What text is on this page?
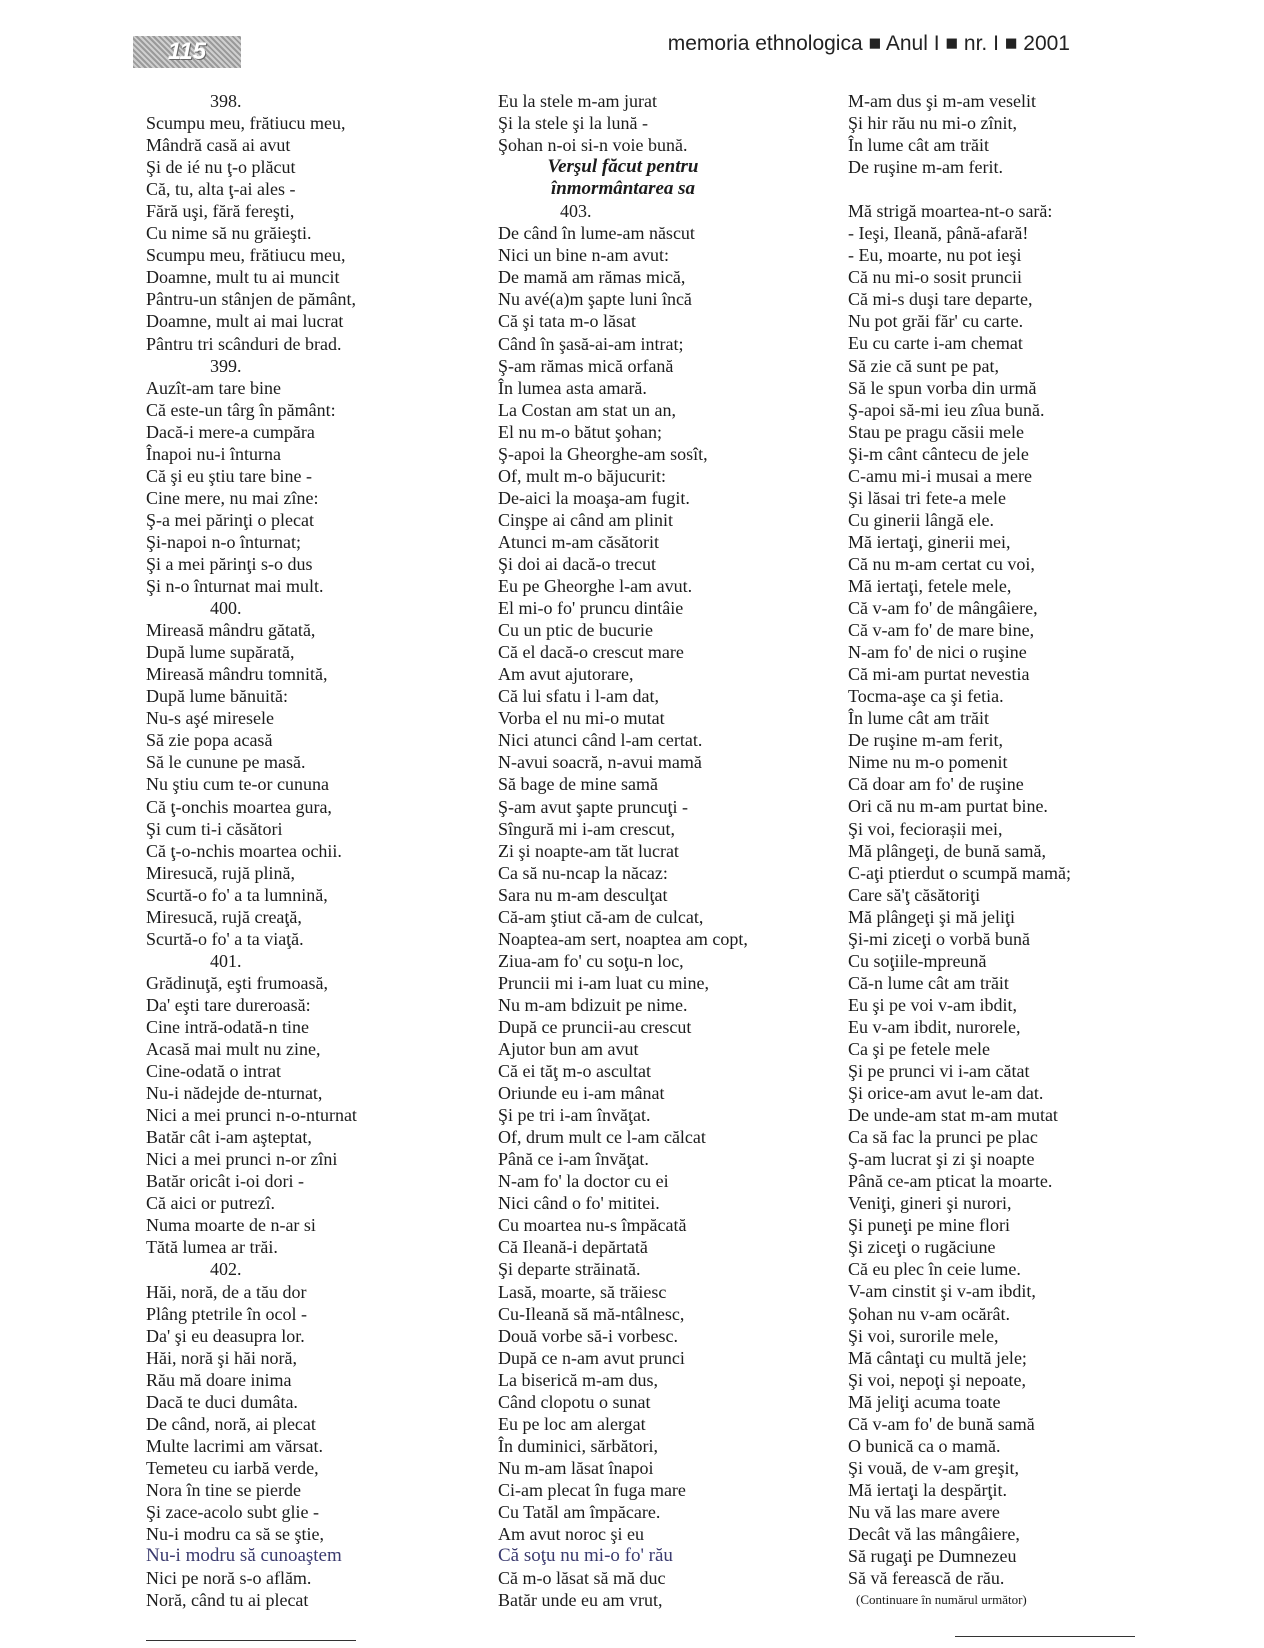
115	memoria ethnologica ■ Anul I ■ nr. I ■ 2001
398.
Scumpu meu, frătiucu meu,
Mândră casă ai avut
Şi de ié nu ţ-o plăcut
Că, tu, alta ţ-ai ales -
Fără uşi, fără fereşti,
Cu nime să nu grăieşti.
Scumpu meu, frătiucu meu,
Doamne, mult tu ai muncit
Pântru-un stânjen de pământ,
Doamne, mult ai mai lucrat
Pântru tri scânduri de brad.
399.
Auzît-am tare bine
Că este-un târg în pământ:
Dacă-i mere-a cumpăra
Înapoi nu-i înturna
Că şi eu ştiu tare bine -
Cine mere, nu mai zîne:
Ş-a mei părinţi o plecat
Şi-napoi n-o înturnat;
Şi a mei părinţi s-o dus
Şi n-o înturnat mai mult.
400.
Mireasă mândru gătată,
După lume supărată,
Mireasă mândru tomnită,
După lume bănuită:
Nu-s aşé miresele
Să zie popa acasă
Să le cunune pe masă.
Nu ştiu cum te-or cununa
Că ţ-onchis moartea gura,
Şi cum ti-i căsători
Că ţ-o-nchis moartea ochii.
Miresucă, rujă plină,
Scurtă-o fo' a ta lumnină,
Miresucă, rujă creaţă,
Scurtă-o fo' a ta viaţă.
401.
Grădinuţă, eşti frumoasă,
Da' eşti tare dureroasă:
Cine intră-odată-n tine
Acasă mai mult nu zine,
Cine-odată o intrat
Nu-i nădejde de-nturnat,
Nici a mei prunci n-o-nturnat
Batăr cât i-am aşteptat,
Nici a mei prunci n-or zîni
Batăr oricât i-oi dori -
Că aici or putrezî.
Numa moarte de n-ar si
Tătă lumea ar trăi.
402.
Hăi, noră, de a tău dor
Plâng ptetrile în ocol -
Da' şi eu deasupra lor.
Hăi, noră şi hăi noră,
Rău mă doare inima
Dacă te duci dumâta.
De când, noră, ai plecat
Multe lacrimi am vărsat.
Temeteu cu iarbă verde,
Nora în tine se pierde
Şi zace-acolo subt glie -
Nu-i modru ca să se ştie,
Nu-i modru să cunoaştem
Nici pe noră s-o aflăm.
Noră, când tu ai plecat
Eu la stele m-am jurat
Şi la stele şi la lună -
Şohan n-oi si-n voie bună.
Verşul făcut pentru
înmormântarea sa
403.
De când în lume-am născut
Nici un bine n-am avut:
De mamă am rămas mică,
Nu avé(a)m şapte luni încă
Că şi tata m-o lăsat
Când în şasă-ai-am intrat;
Ş-am rămas mică orfană
În lumea asta amară.
La Costan am stat un an,
El nu m-o bătut şohan;
Ş-apoi la Gheorghe-am sosît,
Of, mult m-o băjucurit:
De-aici la moaşa-am fugit.
Cinşpe ai când am plinit
Atunci m-am căsătorit
Şi doi ai dacă-o trecut
Eu pe Gheorghe l-am avut.
El mi-o fo' pruncu dintâie
Cu un ptic de bucurie
Că el dacă-o crescut mare
Am avut ajutorare,
Că lui sfatu i l-am dat,
Vorba el nu mi-o mutat
Nici atunci când l-am certat.
N-avui soacră, n-avui mamă
Să bage de mine samă
Ş-am avut şapte pruncuţi -
Sîngură mi i-am crescut,
Zi şi noapte-am tăt lucrat
Ca să nu-ncap la năcaz:
Sara nu m-am desculţat
Că-am ştiut că-am de culcat,
Noaptea-am sert, noaptea am copt,
Ziua-am fo' cu soţu-n loc,
Pruncii mi i-am luat cu mine,
Nu m-am bdizuit pe nime.
După ce pruncii-au crescut
Ajutor bun am avut
Că ei tăţ m-o ascultat
Oriunde eu i-am mânat
Şi pe tri i-am învăţat.
Of, drum mult ce l-am călcat
Până ce i-am învăţat.
N-am fo' la doctor cu ei
Nici când o fo' mititei.
Cu moartea nu-s împăcată
Că Ileană-i depărtată
Şi departe străinată.
Lasă, moarte, să trăiesc
Cu-Ileană să mă-ntâlnesc,
Două vorbe să-i vorbesc.
După ce n-am avut prunci
La biserică m-am dus,
Când clopotu o sunat
Eu pe loc am alergat
În duminici, sărbători,
Nu m-am lăsat înapoi
Ci-am plecat în fuga mare
Cu Tatăl am împăcare.
Am avut noroc şi eu
Că soţu nu mi-o fo' rău
Că m-o lăsat să mă duc
Batăr unde eu am vrut,
M-am dus şi m-am veselit
Şi hir rău nu mi-o zînit,
În lume cât am trăit
De ruşine m-am ferit.
Mă strigă moartea-nt-o sară:
- Ieşi, Ileană, până-afară!
- Eu, moarte, nu pot ieşi
Că nu mi-o sosit pruncii
Că mi-s duşi tare departe,
Nu pot grăi făr' cu carte.
Eu cu carte i-am chemat
Să zie că sunt pe pat,
Să le spun vorba din urmă
Ş-apoi să-mi ieu zîua bună.
Stau pe pragu căsii mele
Şi-m cânt cântecu de jele
C-amu mi-i musai a mere
Şi lăsai tri fete-a mele
Cu ginerii lângă ele.
Mă iertaţi, ginerii mei,
Că nu m-am certat cu voi,
Mă iertaţi, fetele mele,
Că v-am fo' de mângâiere,
Că v-am fo' de mare bine,
N-am fo' de nici o ruşine
Că mi-am purtat nevestia
Tocma-aşe ca şi fetia.
În lume cât am trăit
De ruşine m-am ferit,
Nime nu m-o pomenit
Că doar am fo' de ruşine
Ori că nu m-am purtat bine.
Şi voi, feciorașii mei,
Mă plângeţi, de bună samă,
C-aţi ptierdut o scumpă mamă;
Care să'ţ căsătoriţi
Mă plângeţi şi mă jeliţi
Şi-mi ziceţi o vorbă bună
Cu soţiile-mpreună
Că-n lume cât am trăit
Eu şi pe voi v-am ibdit,
Eu v-am ibdit, nurorele,
Ca şi pe fetele mele
Şi pe prunci vi i-am cătat
Şi orice-am avut le-am dat.
De unde-am stat m-am mutat
Ca să fac la prunci pe plac
Ş-am lucrat şi zi şi noapte
Până ce-am pticat la moarte.
Veniţi, gineri şi nurori,
Şi puneţi pe mine flori
Şi ziceţi o rugăciune
Că eu plec în ceie lume.
V-am cinstit şi v-am ibdit,
Şohan nu v-am ocărât.
Şi voi, surorile mele,
Mă cântaţi cu multă jele;
Şi voi, nepoţi şi nepoate,
Mă jeliţi acuma toate
Că v-am fo' de bună samă
O bunică ca o mamă.
Şi vouă, de v-am greşit,
Mă iertaţi la despărţit.
Nu vă las mare avere
Decât vă las mângâiere,
Să rugaţi pe Dumnezeu
Să vă ferească de rău.
(Continuare în numărul următor)
